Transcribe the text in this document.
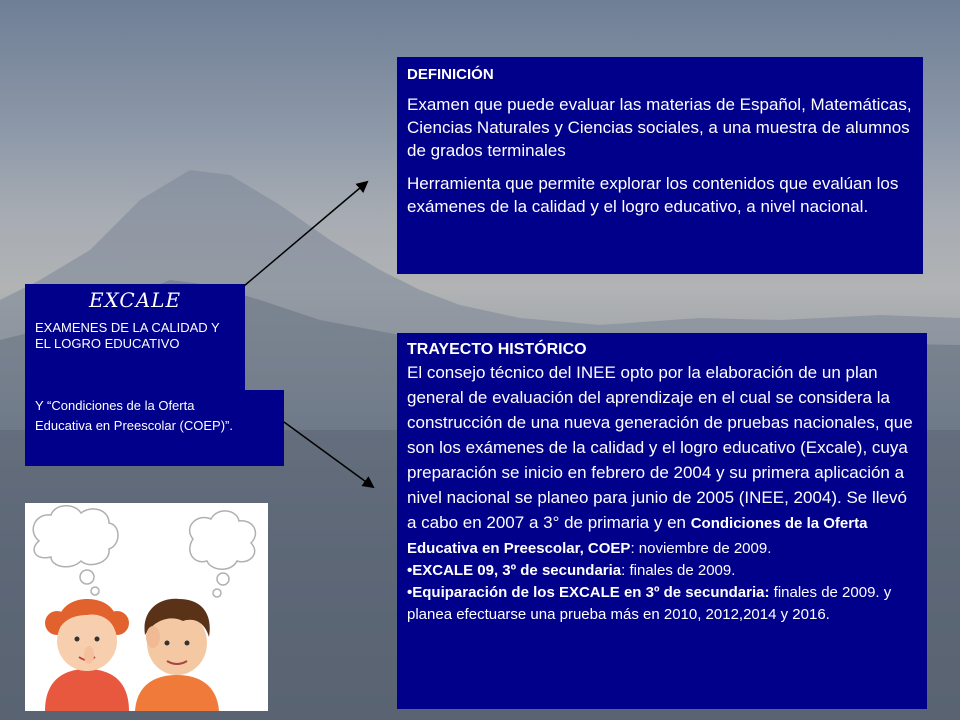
DEFINICIÓN

Examen que puede evaluar las materias de Español, Matemáticas, Ciencias Naturales y Ciencias sociales, a una muestra de alumnos de grados terminales

Herramienta que permite explorar los contenidos que evalúan los exámenes de la calidad y el logro educativo, a nivel nacional.

TRAYECTO HISTÓRICO
El consejo técnico del INEE opto por la elaboración de un plan general de evaluación del aprendizaje en el cual se considera la construcción de una nueva generación de pruebas nacionales, que son los exámenes de la calidad y el logro educativo (Excale), cuya preparación se inicio en febrero de 2004 y su primera aplicación a nivel nacional se planeo para junio de 2005 (INEE, 2004). Se llevó a cabo en 2007 a 3° de primaria y en Condiciones de la Oferta Educativa en Preescolar, COEP: noviembre de 2009.
•EXCALE 09, 3º de secundaria: finales de 2009.
•Equiparación de los EXCALE en 3º de secundaria: finales de 2009. y planea efectuarse una prueba más en 2010, 2012,2014 y 2016.
EXCALE
EXAMENES DE LA CALIDAD Y EL LOGRO EDUCATIVO
Y “Condiciones de la Oferta
Educativa en Preescolar (COEP)”.
